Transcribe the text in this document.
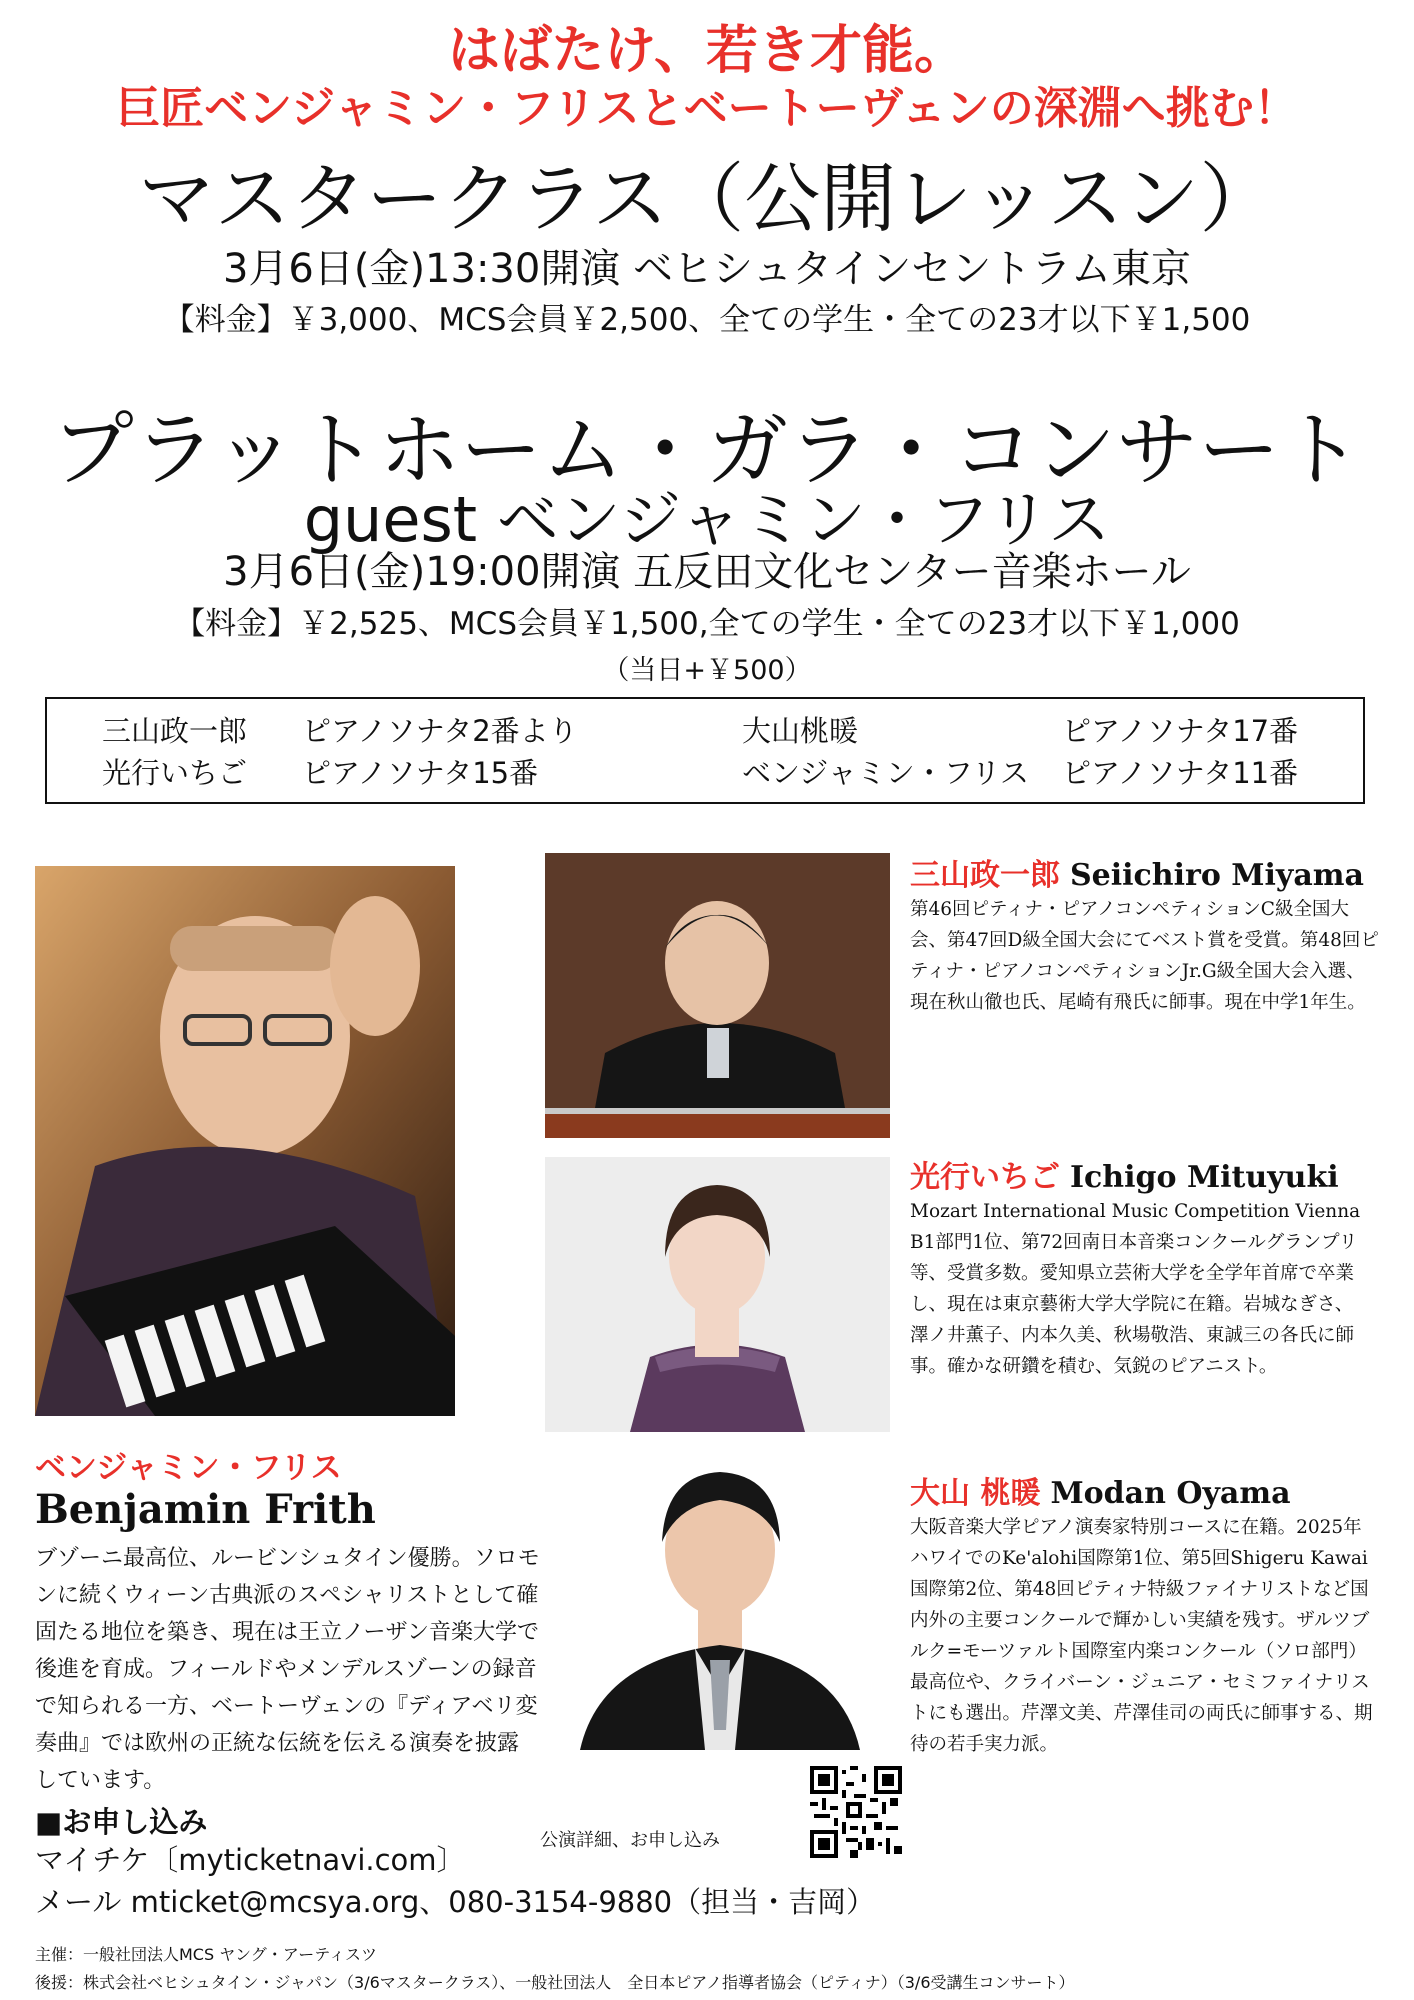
はばたけ、若き才能。
巨匠ベンジャミン・フリスとベートーヴェンの深淵へ挑む！
マスタークラス（公開レッスン）
3月6日(金)13:30開演 ベヒシュタインセントラム東京
【料金】￥3,000、MCS会員￥2,500、全ての学生・全ての23才以下￥1,500
プラットホーム・ガラ・コンサート
guest ベンジャミン・フリス
3月6日(金)19:00開演 五反田文化センター音楽ホール
【料金】￥2,525、MCS会員￥1,500,全ての学生・全ての23才以下￥1,000
（当日+￥500）
三山政一郎 ピアノソナタ2番より
光行いちご ピアノソナタ15番
大山桃暖	ピアノソナタ17番
ベンジャミン・フリス ピアノソナタ11番
三山政一郎 Seiichiro Miyama
第46回ピティナ・ピアノコンペティションC級全国大会、第47回D級全国大会にてベスト賞を受賞。第48回ピティナ・ピアノコンペティションJr.G級全国大会入選、現在秋山徹也氏、尾崎有飛氏に師事。現在中学1年生。
光行いちご Ichigo Mituyuki
Mozart International Music Competition Vienna B1部門1位、第72回南日本音楽コンクールグランプリ等、受賞多数。愛知県立芸術大学を全学年首席で卒業し、現在は東京藝術大学大学院に在籍。岩城なぎさ、澤ノ井薫子、内本久美、秋場敬浩、東誠三の各氏に師事。確かな研鑽を積む、気鋭のピアニスト。
大山 桃暖 Modan Oyama
大阪音楽大学ピアノ演奏家特別コースに在籍。2025年ハワイでのKe'alohi国際第1位、第5回Shigeru Kawai国際第2位、第48回ピティナ特級ファイナリストなど国内外の主要コンクールで輝かしい実績を残す。ザルツブルク=モーツァルト国際室内楽コンクール（ソロ部門）最高位や、クライバーン・ジュニア・セミファイナリストにも選出。芹澤文美、芹澤佳司の両氏に師事する、期待の若手実力派。
ベンジャミン・フリス
Benjamin Frith
ブゾーニ最高位、ルービンシュタイン優勝。ソロモンに続くウィーン古典派のスペシャリストとして確固たる地位を築き、現在は王立ノーザン音楽大学で後進を育成。フィールドやメンデルスゾーンの録音で知られる一方、ベートーヴェンの『ディアベリ変奏曲』では欧州の正統な伝統を伝える演奏を披露しています。
■お申し込み
マイチケ〔myticketnavi.com〕
メール mticket@mcsya.org、080-3154-9880（担当・吉岡）
公演詳細、お申し込み
主催：一般社団法人MCS ヤング・アーティスツ
後援：株式会社ベヒシュタイン・ジャパン（3/6マスタークラス）、一般社団法人　全日本ピアノ指導者協会（ピティナ）（3/6受講生コンサート）
